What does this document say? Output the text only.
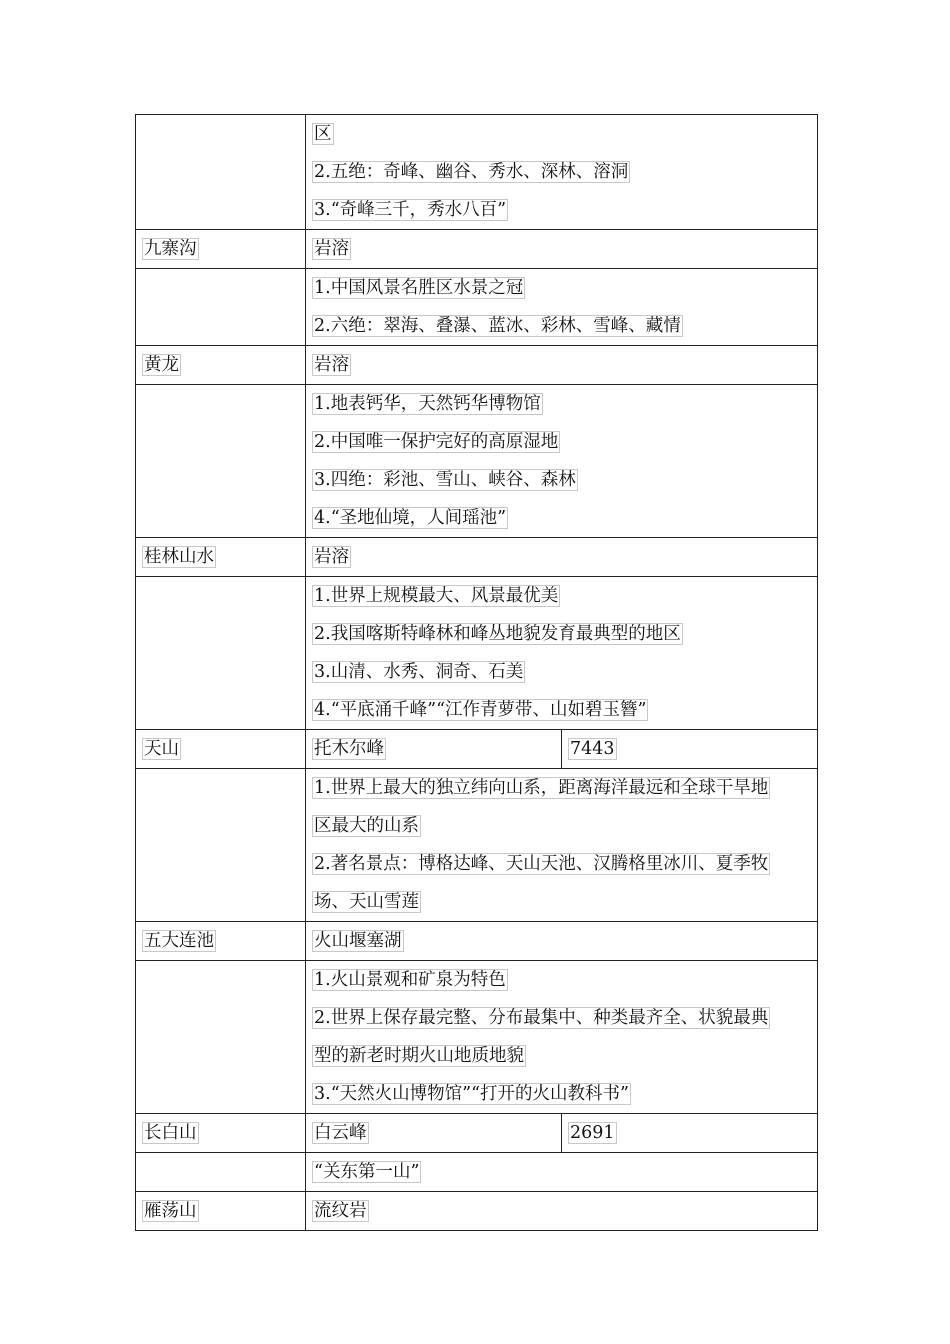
	区
2.五绝：奇峰、幽谷、秀水、深林、溶洞
3.“奇峰三千，秀水八百”	

九寨沟	岩溶	

	1.中国风景名胜区水景之冠
2.六绝：翠海、叠瀑、蓝冰、彩林、雪峰、藏情	

黄龙	岩溶	

	1.地表钙华，天然钙华博物馆
2.中国唯一保护完好的高原湿地
3.四绝：彩池、雪山、峡谷、森林
4.“圣地仙境，人间瑶池”	

桂林山水	岩溶	

	1.世界上规模最大、风景最优美
2.我国喀斯特峰林和峰丛地貌发育最典型的地区
3.山清、水秀、洞奇、石美
4.“平底涌千峰”“江作青萝带、山如碧玉簪”	

天山	托木尔峰	7443

	1.世界上最大的独立纬向山系，距离海洋最远和全球干旱地
区最大的山系
2.著名景点：博格达峰、天山天池、汉腾格里冰川、夏季牧
场、天山雪莲	

五大连池	火山堰塞湖	

	1.火山景观和矿泉为特色
2.世界上保存最完整、分布最集中、种类最齐全、状貌最典
型的新老时期火山地质地貌
3.“天然火山博物馆”“打开的火山教科书”	

长白山	白云峰	2691

	“关东第一山”	

雁荡山	流纹岩	
